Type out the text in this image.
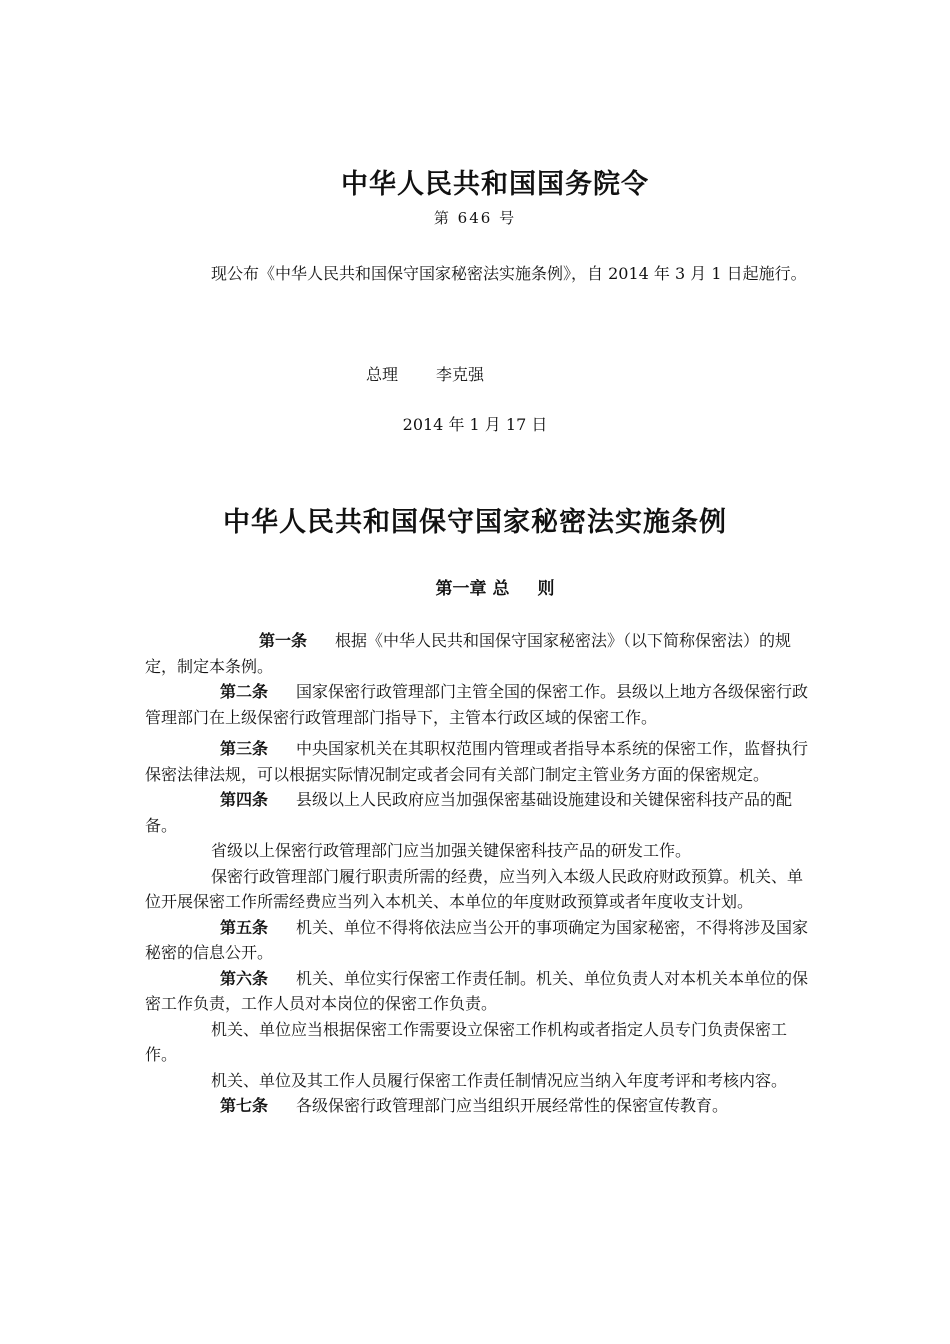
中华人民共和国国务院令
第 646 号

现公布《中华人民共和国保守国家秘密法实施条例》，自 2014 年 3 月 1 日起施行。

总理 李克强
2014 年 1 月 17 日
中华人民共和国保守国家秘密法实施条例
第一章 总 则

第一条 根据《中华人民共和国保守国家秘密法》（以下简称保密法）的规定，制定本条例。

第二条 国家保密行政管理部门主管全国的保密工作。县级以上地方各级保密行政管理部门在上级保密行政管理部门指导下，主管本行政区域的保密工作。

第三条 中央国家机关在其职权范围内管理或者指导本系统的保密工作，监督执行保密法律法规，可以根据实际情况制定或者会同有关部门制定主管业务方面的保密规定。

第四条 县级以上人民政府应当加强保密基础设施建设和关键保密科技产品的配备。

省级以上保密行政管理部门应当加强关键保密科技产品的研发工作。

保密行政管理部门履行职责所需的经费，应当列入本级人民政府财政预算。机关、单位开展保密工作所需经费应当列入本机关、本单位的年度财政预算或者年度收支计划。

第五条 机关、单位不得将依法应当公开的事项确定为国家秘密，不得将涉及国家秘密的信息公开。

第六条 机关、单位实行保密工作责任制。机关、单位负责人对本机关本单位的保密工作负责，工作人员对本岗位的保密工作负责。

机关、单位应当根据保密工作需要设立保密工作机构或者指定人员专门负责保密工作。

机关、单位及其工作人员履行保密工作责任制情况应当纳入年度考评和考核内容。

第七条 各级保密行政管理部门应当组织开展经常性的保密宣传教育。
